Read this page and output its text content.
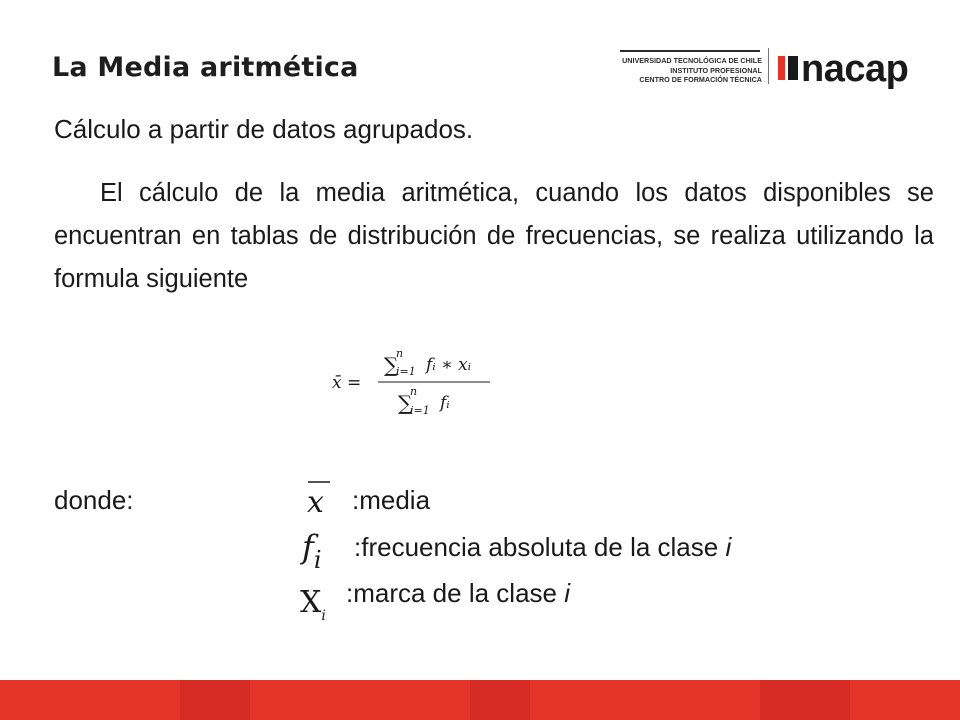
La Media aritmética	UNIVERSIDAD TECNOLÓGICA DE CHILE
INSTITUTO PROFESIONAL
CENTRO DE FORMACIÓN TÉCNICA nacap
Cálculo a partir de datos agrupados.
El cálculo de la media aritmética, cuando los datos disponibles se encuentran en tablas de distribución de frecuencias, se realiza utilizando la formula siguiente
x̄ =
∑
n
i=1 fᵢ ∗ xᵢ
∑
n
i=1 fᵢ
donde:	x :media
$f_i$ :frecuencia absoluta de la clase i
$X_i$
:marca de la clase i
